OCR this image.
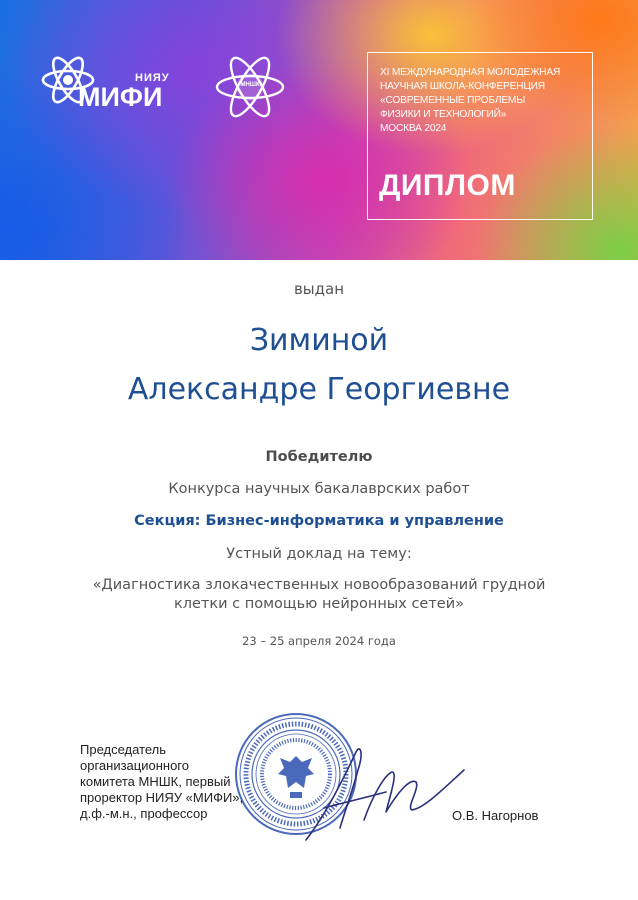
НИЯУ
МИФИ	МНШК
XI МЕЖДУНАРОДНАЯ МОЛОДЕЖНАЯ
НАУЧНАЯ ШКОЛА-КОНФЕРЕНЦИЯ
«СОВРЕМЕННЫЕ ПРОБЛЕМЫ
ФИЗИКИ И ТЕХНОЛОГИЙ»
МОСКВА 2024
ДИПЛОМ
выдан
Зиминой
Александре Георгиевне
Победителю
Конкурса научных бакалаврских работ
Секция: Бизнес-информатика и управление
Устный доклад на тему:
«Диагностика злокачественных новообразований грудной
клетки с помощью нейронных сетей»
23 – 25 апреля 2024 года
Председатель
организационного
комитета МНШК, первый
проректор НИЯУ «МИФИ»,
д.ф.-м.н., профессор	О.В. Нагорнов
